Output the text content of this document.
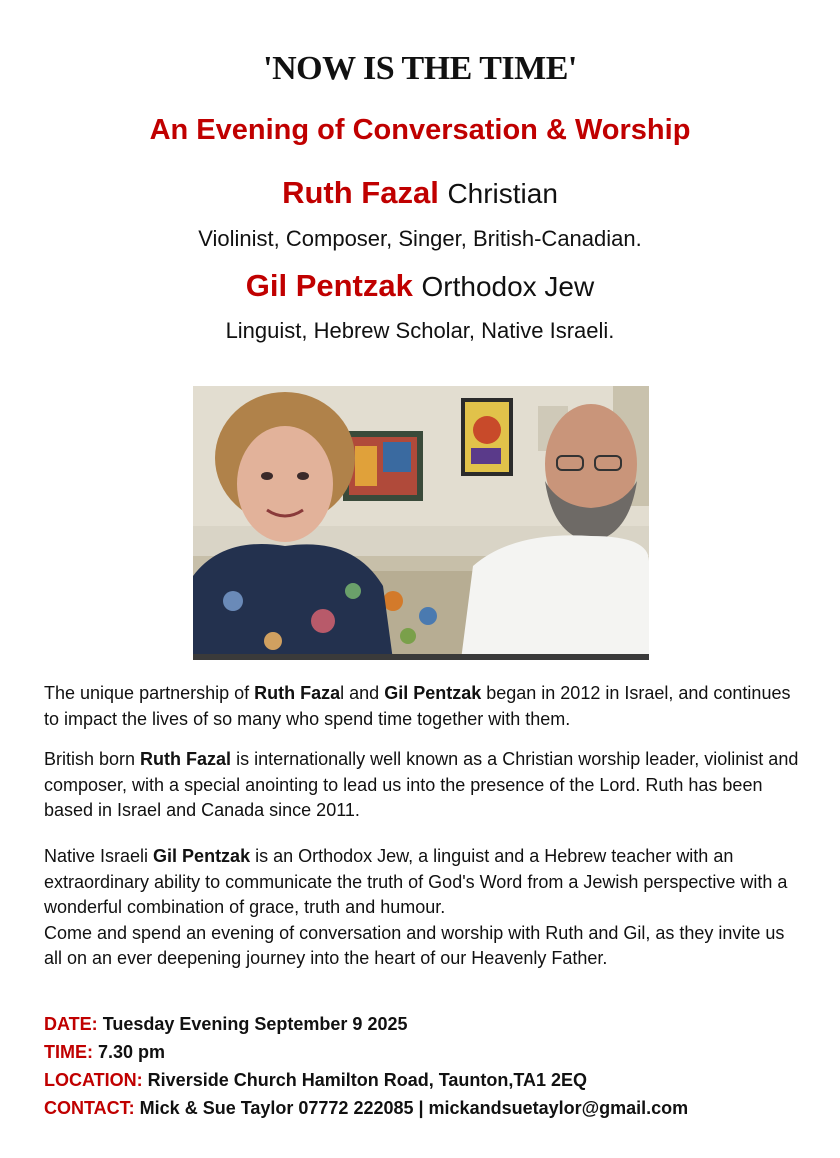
'NOW IS THE TIME'
An Evening of Conversation & Worship
Ruth Fazal Christian
Violinist, Composer, Singer, British-Canadian.
Gil Pentzak Orthodox Jew
Linguist, Hebrew Scholar, Native Israeli.
The unique partnership of Ruth Fazal and Gil Pentzak began in 2012 in Israel, and continues to impact the lives of so many who spend time together with them.
British born Ruth Fazal is internationally well known as a Christian worship leader, violinist and composer, with a special anointing to lead us into the presence of the Lord. Ruth has been based in Israel and Canada since 2011.
Native Israeli Gil Pentzak is an Orthodox Jew, a linguist and a Hebrew teacher with an extraordinary ability to communicate the truth of God's Word from a Jewish perspective with a wonderful combination of grace, truth and humour.
Come and spend an evening of conversation and worship with Ruth and Gil, as they invite us all on an ever deepening journey into the heart of our Heavenly Father.
DATE: Tuesday Evening September 9 2025
TIME: 7.30 pm
LOCATION: Riverside Church Hamilton Road, Taunton,TA1 2EQ
CONTACT: Mick & Sue Taylor 07772 222085 | mickandsuetaylor@gmail.com
